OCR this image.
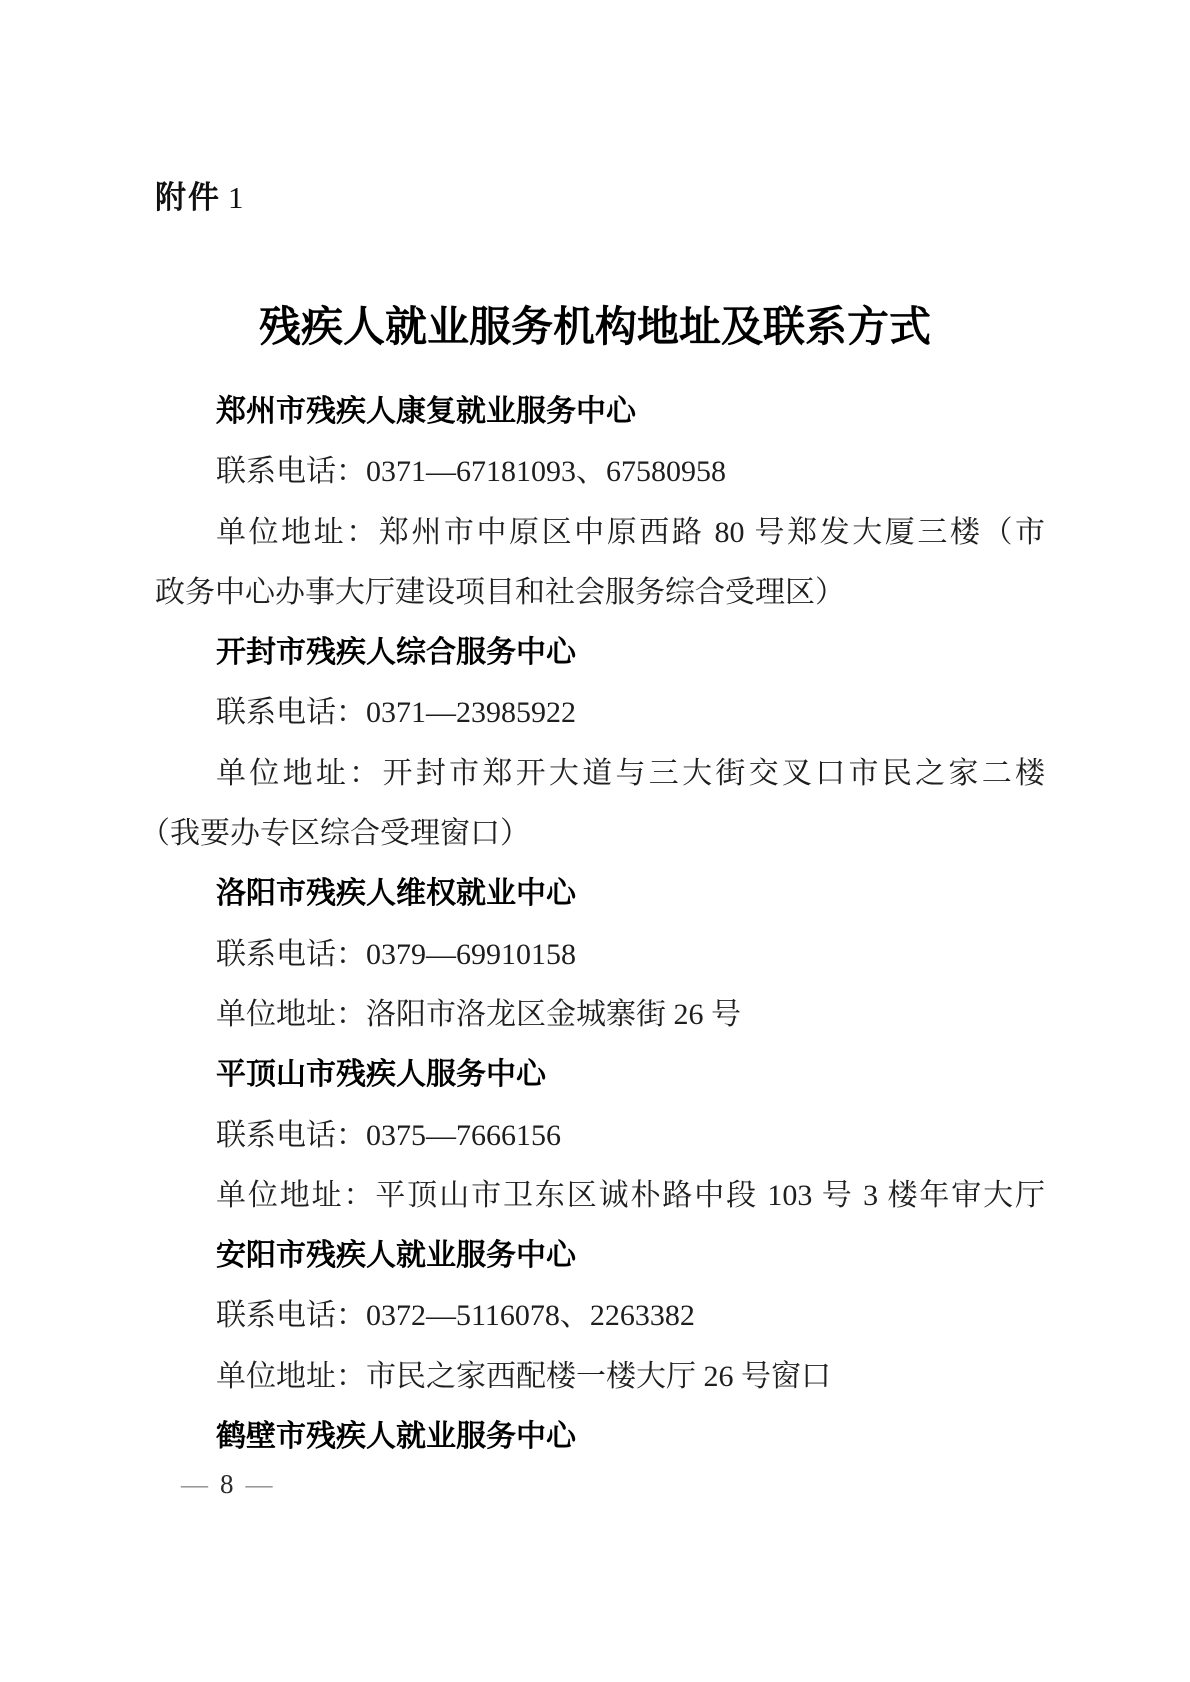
附件 1
残疾人就业服务机构地址及联系方式
郑州市残疾人康复就业服务中心
联系电话：0371—67181093、67580958
单位地址：郑州市中原区中原西路 80 号郑发大厦三楼（市
政务中心办事大厅建设项目和社会服务综合受理区）
开封市残疾人综合服务中心
联系电话：0371—23985922
单位地址：开封市郑开大道与三大街交叉口市民之家二楼
（我要办专区综合受理窗口）
洛阳市残疾人维权就业中心
联系电话：0379—69910158
单位地址：洛阳市洛龙区金城寨街 26 号
平顶山市残疾人服务中心
联系电话：0375—7666156
单位地址：平顶山市卫东区诚朴路中段 103 号 3 楼年审大厅
安阳市残疾人就业服务中心
联系电话：0372—5116078、2263382
单位地址：市民之家西配楼一楼大厅 26 号窗口
鹤壁市残疾人就业服务中心
— 8 —
